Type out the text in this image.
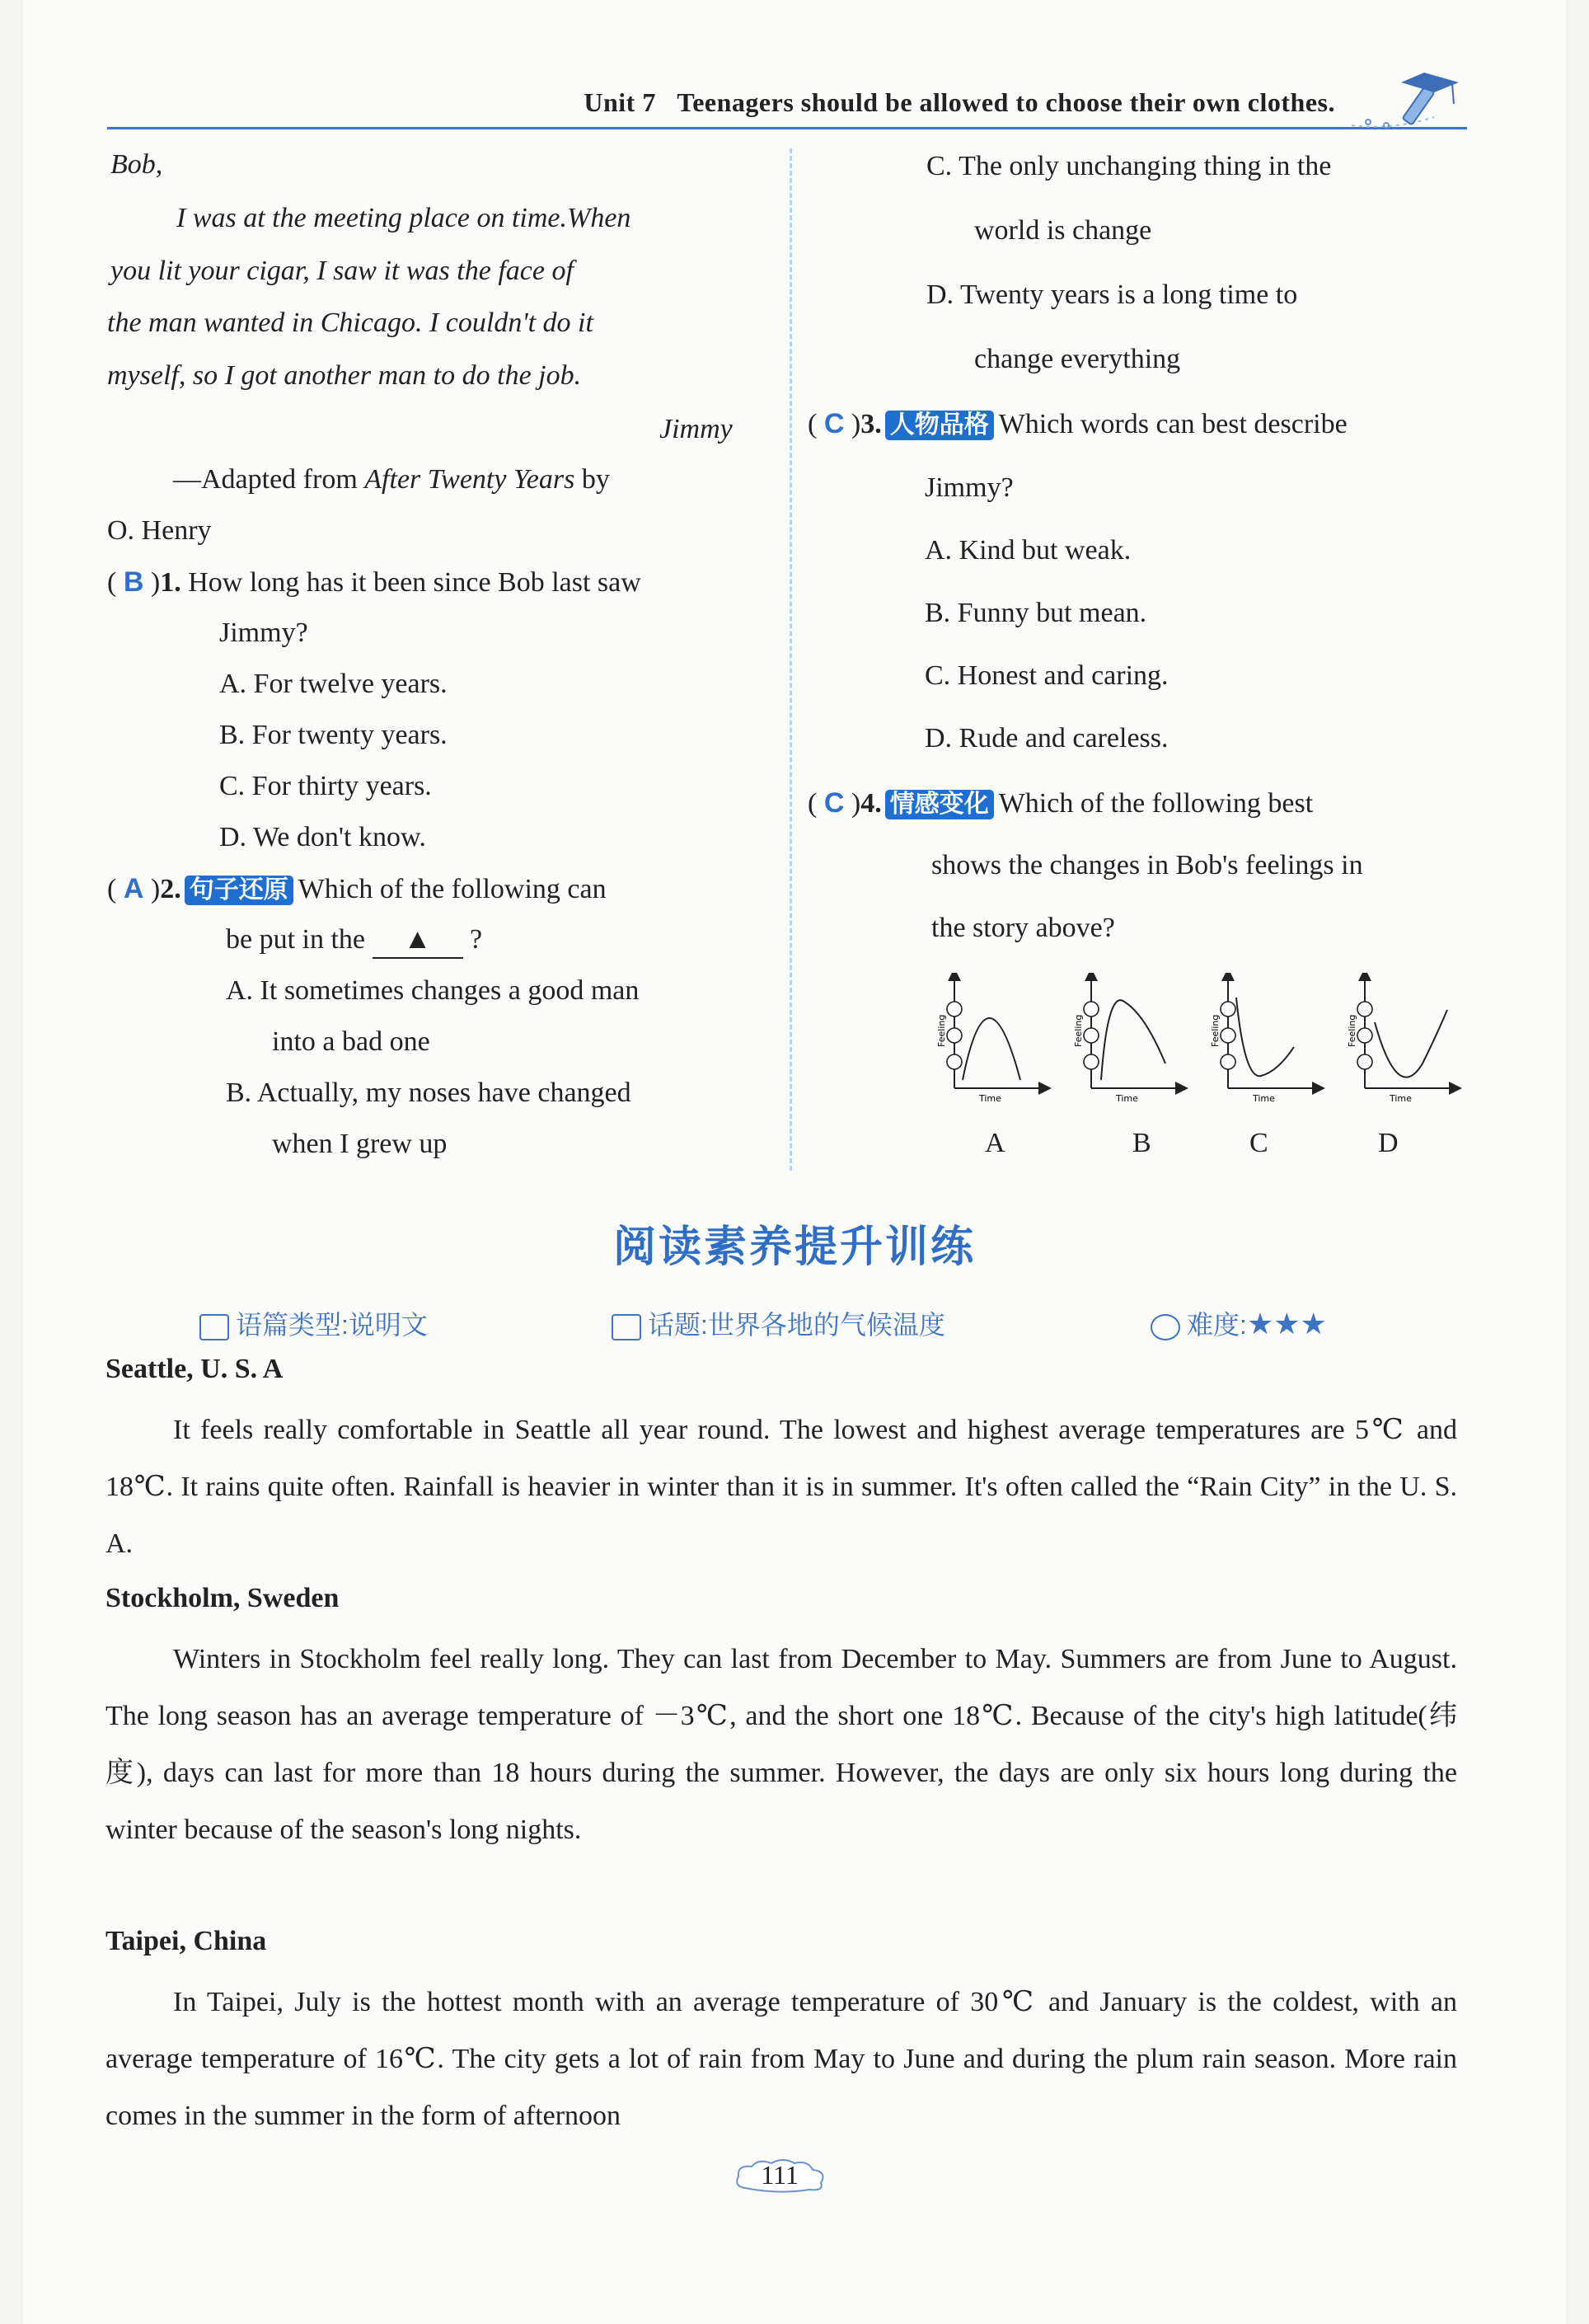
Unit 7 Teenagers should be allowed to choose their own clothes.
Bob,
I was at the meeting place on time.When
you lit your cigar, I saw it was the face of
the man wanted in Chicago. I couldn't do it
myself, so I got another man to do the job.
Jimmy
—Adapted from After Twenty Years by
O. Henry
( B )1. How long has it been since Bob last saw
Jimmy?
A. For twelve years.
B. For twenty years.
C. For thirty years.
D. We don't know.
( A )2. 句子还原 Which of the following can
be put in the ▲ ?
A. It sometimes changes a good man
into a bad one
B. Actually, my noses have changed
when I grew up
C. The only unchanging thing in the
world is change
D. Twenty years is a long time to
change everything
( C )3. 人物品格 Which words can best describe
Jimmy?
A. Kind but weak.
B. Funny but mean.
C. Honest and caring.
D. Rude and careless.
( C )4. 情感变化 Which of the following best
shows the changes in Bob's feelings in
the story above?
Feeling
Time
Feeling
Time
Feeling
Time
Feeling
Time
A	B	C	D
阅读素养提升训练
语篇类型:说明文	话题:世界各地的气候温度	难度:★★★
Seattle, U. S. A
It feels really comfortable in Seattle all year round. The lowest and highest average temperatures are 5℃ and 18℃. It rains quite often. Rainfall is heavier in winter than it is in summer. It's often called the “Rain City” in the U. S. A.
Stockholm, Sweden
Winters in Stockholm feel really long. They can last from December to May. Summers are from June to August. The long season has an average temperature of －3℃, and the short one 18℃. Because of the city's high latitude(纬度), days can last for more than 18 hours during the summer. However, the days are only six hours long during the winter because of the season's long nights.
Taipei, China
In Taipei, July is the hottest month with an average temperature of 30℃ and January is the coldest, with an average temperature of 16℃. The city gets a lot of rain from May to June and during the plum rain season. More rain comes in the summer in the form of afternoon
111
